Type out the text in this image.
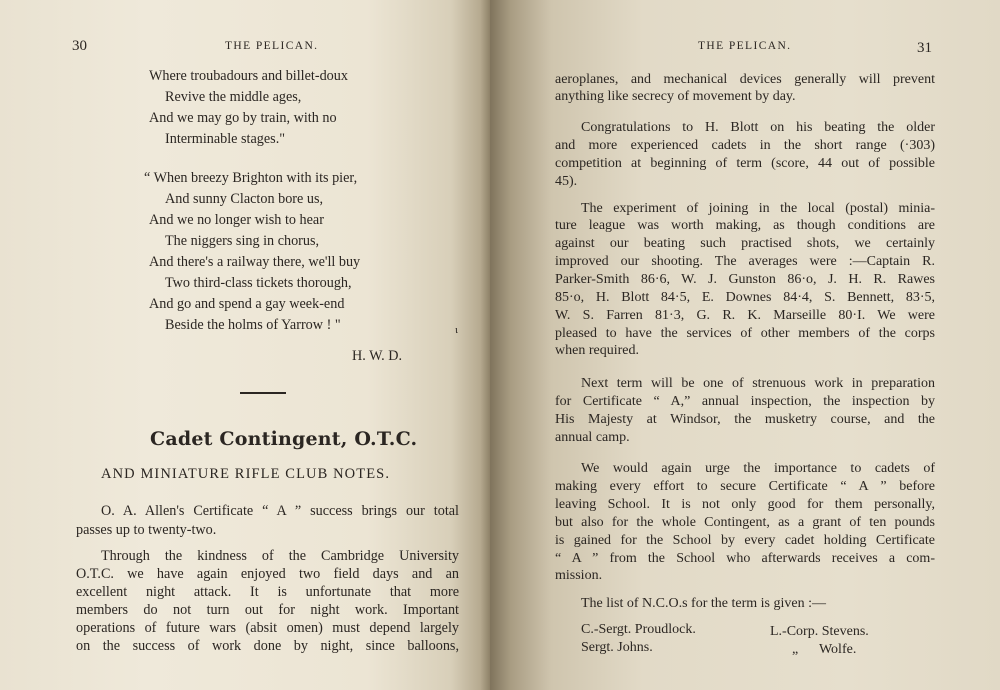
30	THE PELICAN.
Where troubadours and billet-doux
Revive the middle ages,
And we may go by train, with no
Interminable stages."
“ When breezy Brighton with its pier,
And sunny Clacton bore us,
And we no longer wish to hear
The niggers sing in chorus,
And there's a railway there, we'll buy
Two third-class tickets thorough,
And go and spend a gay week-end
Beside the holms of Yarrow ! "
H. W. D.
ι
Cadet Contingent, O.T.C.
AND MINIATURE RIFLE CLUB NOTES.
O. A. Allen's Certificate “ A ” success brings our total
passes up to twenty-two.
Through the kindness of the Cambridge University
O.T.C. we have again enjoyed two field days and an
excellent night attack. It is unfortunate that more
members do not turn out for night work. Important
operations of future wars (absit omen) must depend largely
on the success of work done by night, since balloons,
THE PELICAN.	31
aeroplanes, and mechanical devices generally will prevent
anything like secrecy of movement by day.
Congratulations to H. Blott on his beating the older
and more experienced cadets in the short range (·303)
competition at beginning of term (score, 44 out of possible
45).
The experiment of joining in the local (postal) minia-
ture league was worth making, as though conditions are
against our beating such practised shots, we certainly
improved our shooting. The averages were :—Captain R.
Parker-Smith 86·6, W. J. Gunston 86·o, J. H. R. Rawes
85·o, H. Blott 84·5, E. Downes 84·4, S. Bennett, 83·5,
W. S. Farren 81·3, G. R. K. Marseille 80·I. We were
pleased to have the services of other members of the corps
when required.
Next term will be one of strenuous work in preparation
for Certificate “ A,” annual inspection, the inspection by
His Majesty at Windsor, the musketry course, and the
annual camp.
We would again urge the importance to cadets of
making every effort to secure Certificate “ A ” before
leaving School. It is not only good for them personally,
but also for the whole Contingent, as a grant of ten pounds
is gained for the School by every cadet holding Certificate
“ A ” from the School who afterwards receives a com-
mission.
The list of N.C.O.s for the term is given :—
C.-Sergt. Proudlock.
Sergt. Johns.
L.-Corp. Stevens.
„      Wolfe.
